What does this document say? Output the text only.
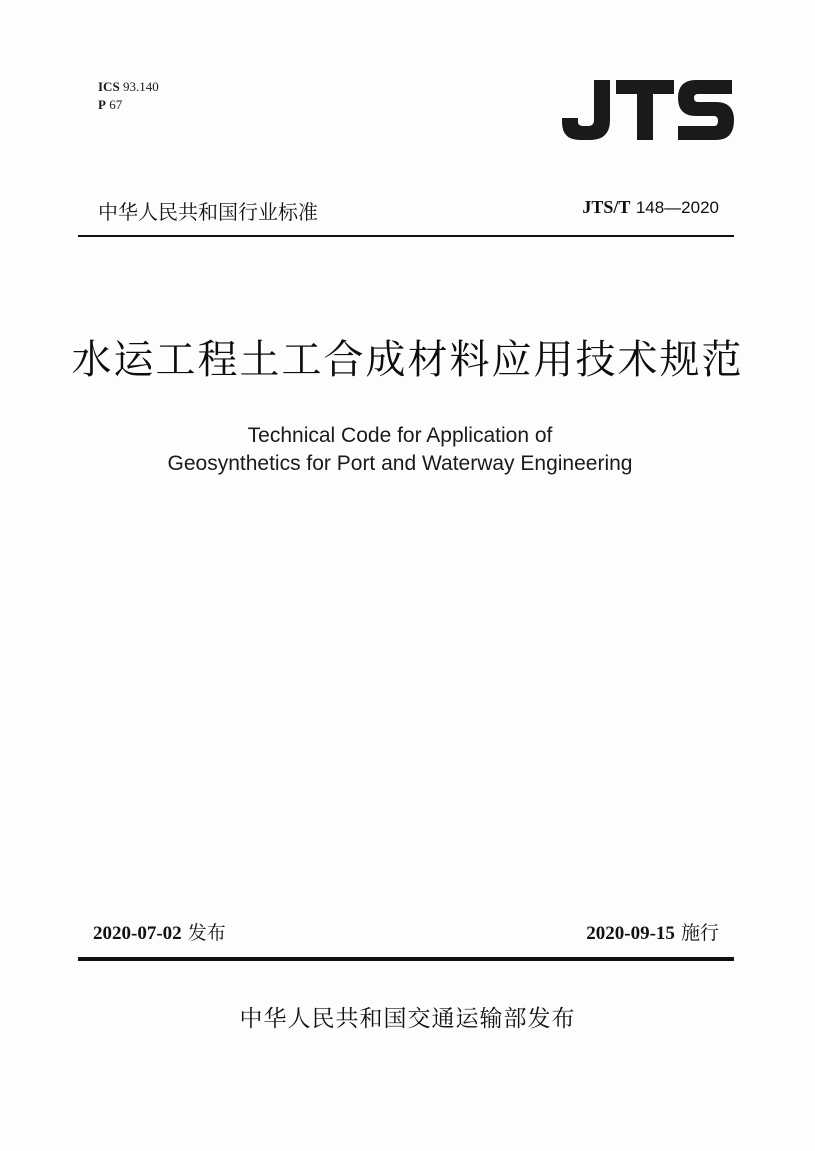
ICS 93.140
P 67
中华人民共和国行业标准	JTS/T 148—2020
水运工程土工合成材料应用技术规范
Technical Code for Application of
Geosynthetics for Port and Waterway Engineering
2020-07-02 发布	2020-09-15 施行
中华人民共和国交通运输部发布
